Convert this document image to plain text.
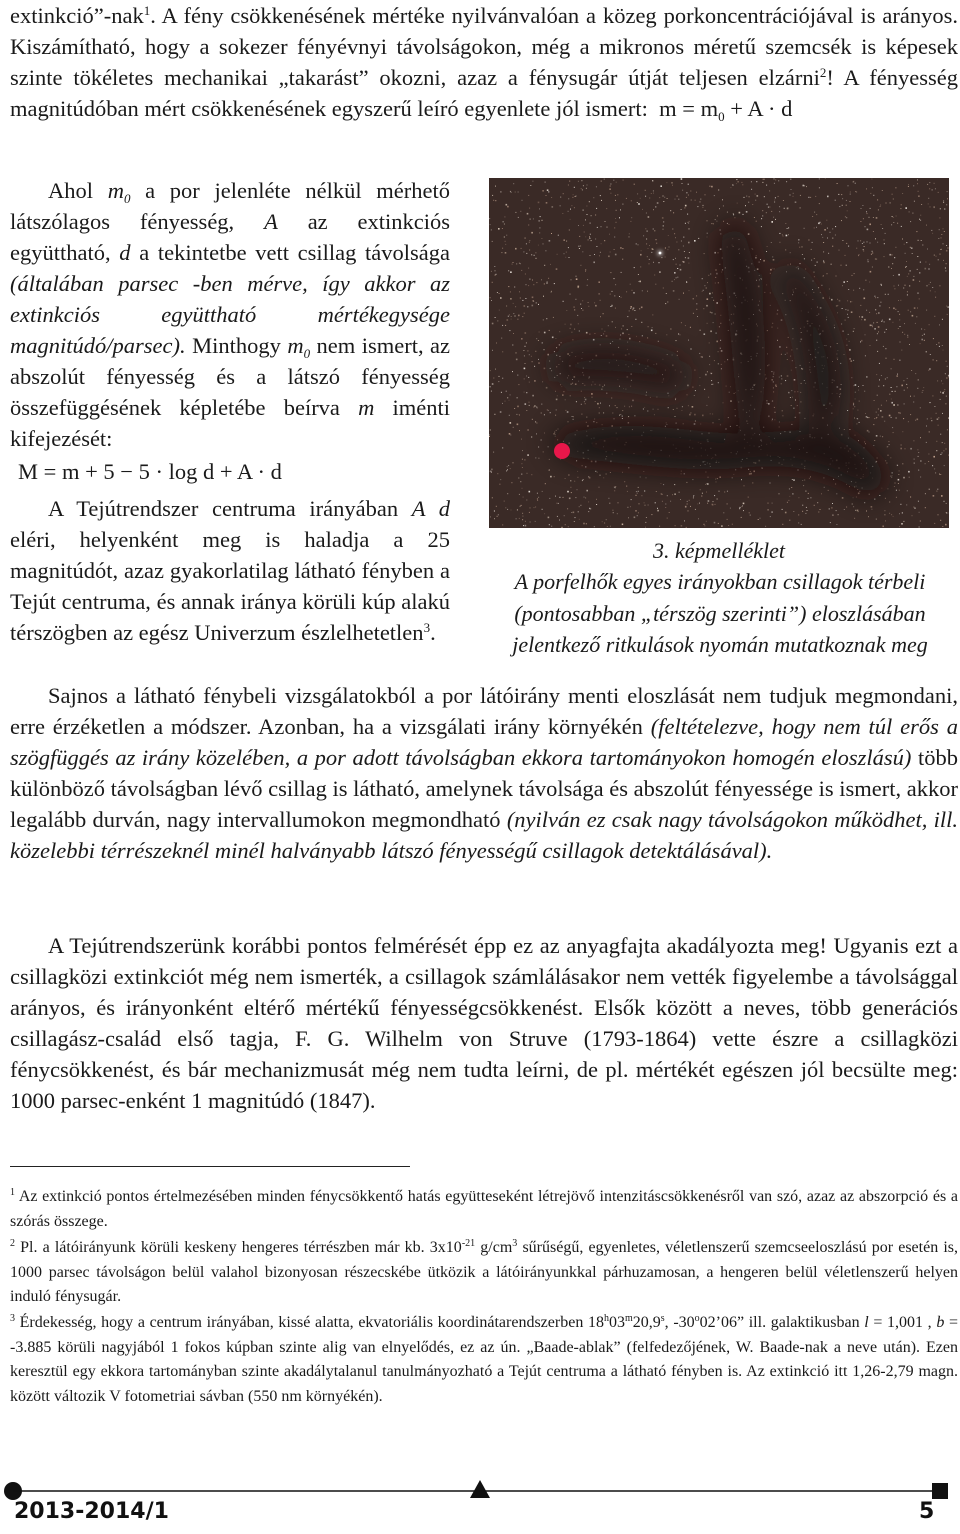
extinkció”-nak$^1$. A fény csökkenésének mértéke nyilvánvalóan a közeg porkoncentrációjával is arányos. Kiszámítható, hogy a sokezer fényévnyi távolságokon, még a mikronos méretű szemcsék is képesek szinte tökéletes mechanikai „takarást” okozni, azaz a fénysugár útját teljesen elzárni$^2$! A fényesség magnitúdóban mért csökkenésének egyszerű leíró egyenlete jól ismert: $m = m_0 + A \cdot d$
Ahol $m_0$ a por jelenléte nélkül mérhető látszólagos fényesség, A az extinkciós együttható, d a tekintetbe vett csillag távolsága (általában parsec -ben mérve, így akkor az extinkciós együttható mértékegysége magnitúdó/parsec). Minthogy $m_0$ nem ismert, az abszolút fényesség és a látszó fényesség összefüggésének képletébe beírva m iménti kifejezését:
M = m + 5 − 5 · log d + A · d
A Tejútrendszer centruma irányában A d eléri, helyenként meg is haladja a 25 magnitúdót, azaz gyakorlatilag látható fényben a Tejút centruma, és annak iránya körüli kúp alakú térszögben az egész Univerzum észlelhetetlen$^3$.
Sajnos a látható fénybeli vizsgálatokból a por látóirány menti eloszlását nem tudjuk megmondani, erre érzéketlen a módszer. Azonban, ha a vizsgálati irány környékén (feltételezve, hogy nem túl erős a szögfüggés az irány közelében, a por adott távolságban ekkora tartományokon homogén eloszlású) több különböző távolságban lévő csillag is látható, amelynek távolsága és abszolút fényessége is ismert, akkor legalább durván, nagy intervallumokon megmondható (nyilván ez csak nagy távolságokon működhet, ill. közelebbi térrészeknél minél halványabb látszó fényességű csillagok detektálásával).
A Tejútrendszerünk korábbi pontos felmérését épp ez az anyagfajta akadályozta meg! Ugyanis ezt a csillagközi extinkciót még nem ismerték, a csillagok számlálásakor nem vették figyelembe a távolsággal arányos, és irányonként eltérő mértékű fényességcsökkenést. Elsők között a neves, több generációs csillagász-család első tagja, F. G. Wilhelm von Struve (1793-1864) vette észre a csillagközi fénycsökkenést, és bár mechanizmusát még nem tudta leírni, de pl. mértékét egészen jól becsülte meg: 1000 parsec-enként 1 magnitúdó (1847).
$^1$ Az extinkció pontos értelmezésében minden fénycsökkentő hatás együtteseként létrejövő intenzitáscsökkenésről van szó, azaz az abszorpció és a szórás összege.
$^2$ Pl. a látóirányunk körüli keskeny hengeres térrészben már kb. $3x10^{-21}$ $g/cm^3$ sűrűségű, egyenletes, véletlenszerű szemcseeloszlású por esetén is, 1000 parsec távolságon belül valahol bizonyosan részecskébe ütközik a látóirányunkkal párhuzamosan, a hengeren belül véletlenszerű helyen induló fénysugár.
$^3$ Érdekesség, hogy a centrum irányában, kissé alatta, ekvatoriális koordinátarendszerben 18$^h$03$^m$20,9$^s$, -30$^o$02’06” ill. galaktikusban l = 1,001 , b = -3.885 körüli nagyjából 1 fokos kúpban szinte alig van elnyelődés, ez az ún. „Baade-ablak” (felfedezőjének, W. Baade-nak a neve után). Ezen keresztül egy ekkora tartományban szinte akadálytalanul tanulmányozható a Tejút centruma a látható fényben is. Az extinkció itt 1,26-2,79 magn. között változik V fotometriai sávban (550 nm környékén).
3. képmelléklet
A porfelhők egyes irányokban csillagok térbeli (pontosabban „térszög szerinti”) eloszlásában jelentkező ritkulások nyomán mutatkoznak meg
2013-2014/1	5
